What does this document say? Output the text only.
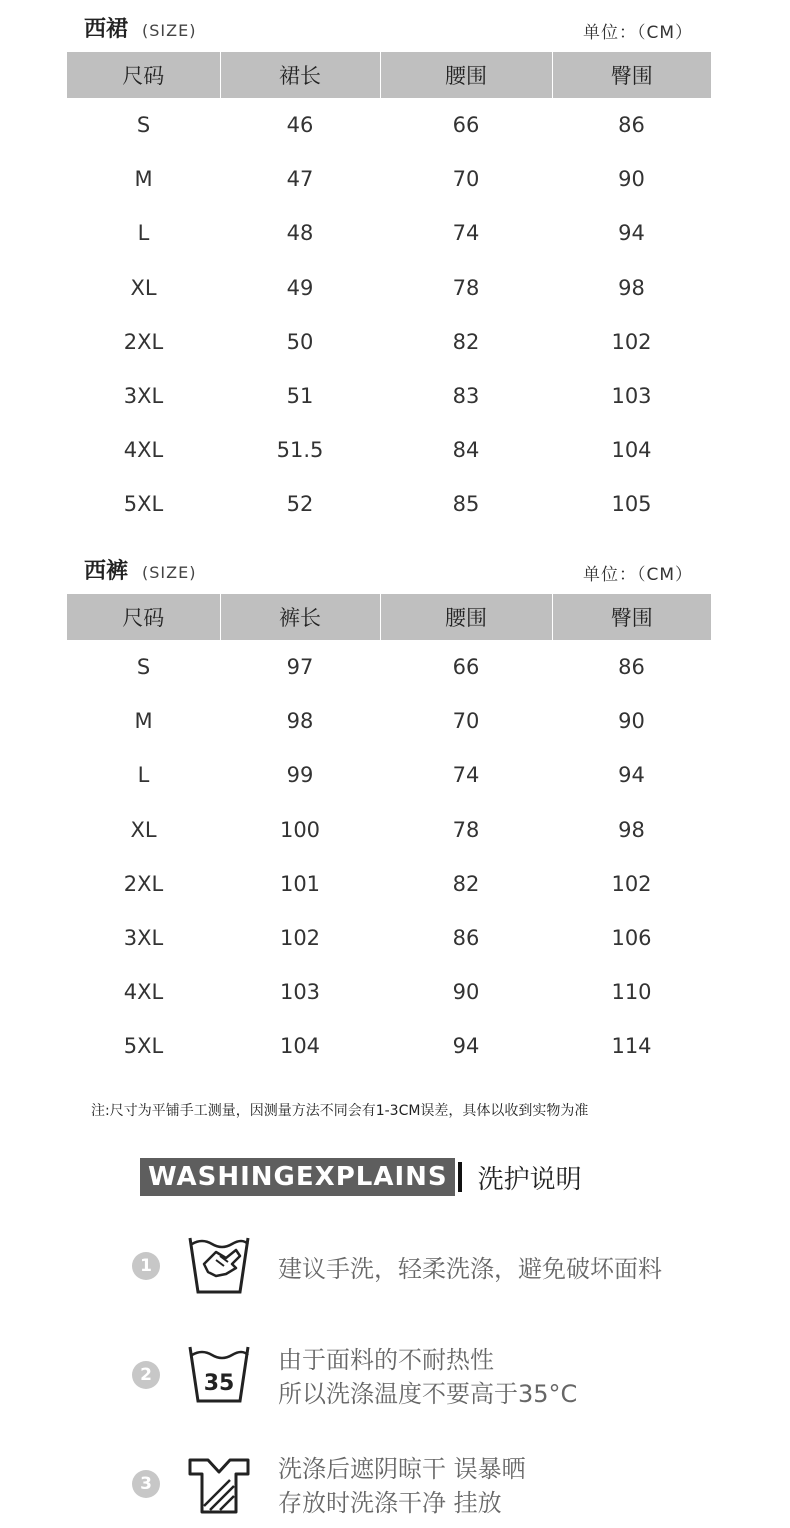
西裙 (SIZE)	单位：（CM）
尺码	裙长	腰围	臀围
S	46	66	86
M	47	70	90
L	48	74	94
XL	49	78	98
2XL	50	82	102
3XL	51	83	103
4XL	51.5	84	104
5XL	52	85	105
西裤 (SIZE)	单位：（CM）
尺码	裤长	腰围	臀围
S	97	66	86
M	98	70	90
L	99	74	94
XL	100	78	98
2XL	101	82	102
3XL	102	86	106
4XL	103	90	110
5XL	104	94	114
注:尺寸为平铺手工测量，因测量方法不同会有1-3CM误差，具体以收到实物为准
WASHINGEXPLAINS 洗护说明
1	建议手洗，轻柔洗涤，避免破坏面料
2	35
由于面料的不耐热性
所以洗涤温度不要高于35°C
3
洗涤后遮阴晾干 误暴晒
存放时洗涤干净 挂放
